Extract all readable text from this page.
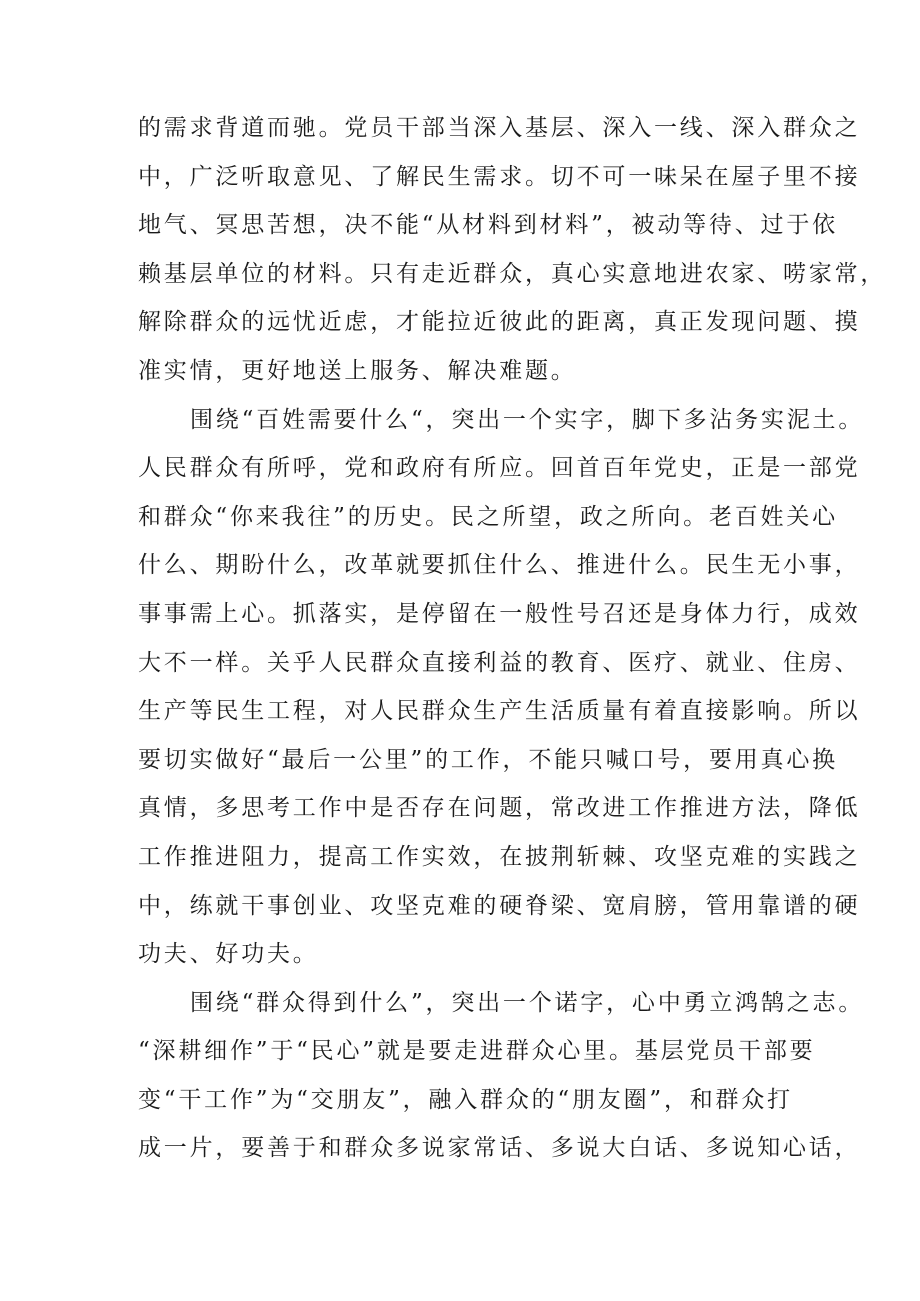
的需求背道而驰。党员干部当深入基层、深入一线、深入群众之
中，广泛听取意见、了解民生需求。切不可一味呆在屋子里不接
地气、冥思苦想，决不能“从材料到材料”，被动等待、过于依
赖基层单位的材料。只有走近群众，真心实意地进农家、唠家常，
解除群众的远忧近虑，才能拉近彼此的距离，真正发现问题、摸
准实情，更好地送上服务、解决难题。
围绕“百姓需要什么“，突出一个实字，脚下多沾务实泥土。
人民群众有所呼，党和政府有所应。回首百年党史，正是一部党
和群众“你来我往”的历史。民之所望，政之所向。老百姓关心
什么、期盼什么，改革就要抓住什么、推进什么。民生无小事，
事事需上心。抓落实，是停留在一般性号召还是身体力行，成效
大不一样。关乎人民群众直接利益的教育、医疗、就业、住房、
生产等民生工程，对人民群众生产生活质量有着直接影响。所以
要切实做好“最后一公里”的工作，不能只喊口号，要用真心换
真情，多思考工作中是否存在问题，常改进工作推进方法，降低
工作推进阻力，提高工作实效，在披荆斩棘、攻坚克难的实践之
中，练就干事创业、攻坚克难的硬脊梁、宽肩膀，管用靠谱的硬
功夫、好功夫。
围绕“群众得到什么”，突出一个诺字，心中勇立鸿鹄之志。
“深耕细作”于“民心”就是要走进群众心里。基层党员干部要
变“干工作”为“交朋友”，融入群众的“朋友圈”，和群众打
成一片，要善于和群众多说家常话、多说大白话、多说知心话，
